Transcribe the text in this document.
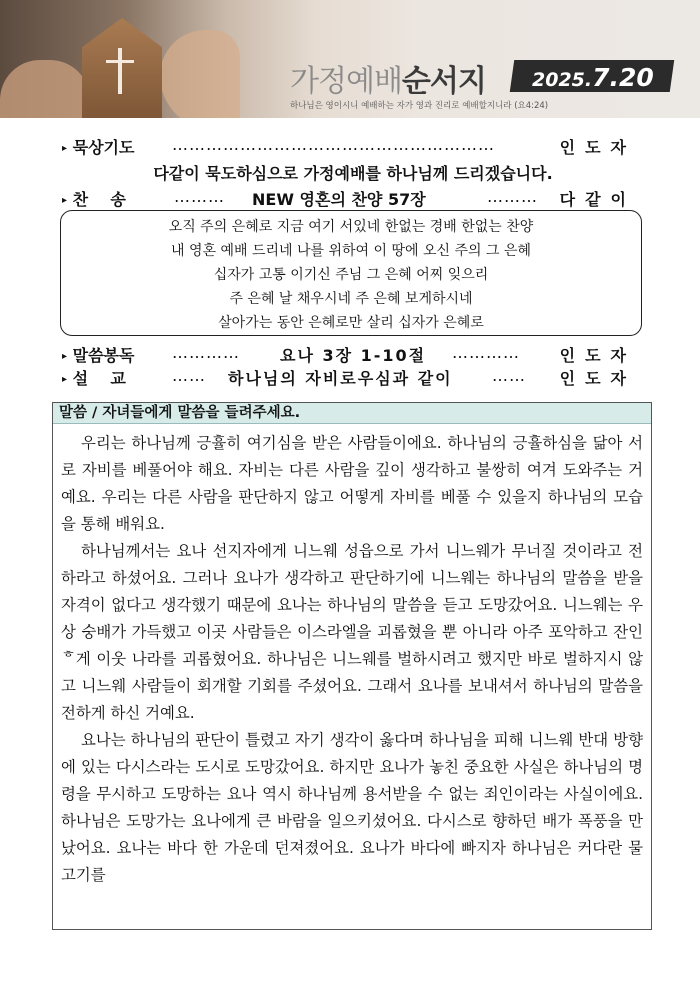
가정예배순서지 2025.7.20
하나님은 영이시니 예배하는 자가 영과 진리로 예배할지니라 (요4:24)
▸ 묵상기도 …………………………………………………	인도자
다같이 묵도하심으로 가정예배를 하나님께 드리겠습니다.
▸ 찬    송	………	NEW 영혼의 찬양 57장	………	다같이
오직 주의 은혜로 지금 여기 서있네 한없는 경배 한없는 찬양
내 영혼 예배 드리네 나를 위하여 이 땅에 오신 주의 그 은혜
십자가 고통 이기신 주님 그 은혜 어찌 잊으리
주 은혜 날 채우시네 주 은혜 보게하시네
살아가는 동안 은혜로만 살리 십자가 은혜로
▸ 말씀봉독 …………	요나 3장 1-10절 …………	인도자
▸ 설    교	……	하나님의 자비로우심과 같이 ……	인도자
말씀 / 자녀들에게 말씀을 들려주세요.

우리는 하나님께 긍휼히 여기심을 받은 사람들이에요. 하나님의 긍휼하심을 닮아 서로 자비를 베풀어야 해요. 자비는 다른 사람을 깊이 생각하고 불쌍히 여겨 도와주는 거예요. 우리는 다른 사람을 판단하지 않고 어떻게 자비를 베풀 수 있을지 하나님의 모습을 통해 배워요.

하나님께서는 요나 선지자에게 니느웨 성읍으로 가서 니느웨가 무너질 것이라고 전하라고 하셨어요. 그러나 요나가 생각하고 판단하기에 니느웨는 하나님의 말씀을 받을 자격이 없다고 생각했기 때문에 요나는 하나님의 말씀을 듣고 도망갔어요. 니느웨는 우상 숭배가 가득했고 이곳 사람들은 이스라엘을 괴롭혔을 뿐 아니라 아주 포악하고 잔인ᄒ게 이웃 나라를 괴롭혔어요. 하나님은 니느웨를 벌하시려고 했지만 바로 벌하지시 않고 니느웨 사람들이 회개할 기회를 주셨어요. 그래서 요나를 보내셔서 하나님의 말씀을 전하게 하신 거예요.

요나는 하나님의 판단이 틀렸고 자기 생각이 옳다며 하나님을 피해 니느웨 반대 방향에 있는 다시스라는 도시로 도망갔어요. 하지만 요나가 놓친 중요한 사실은 하나님의 명령을 무시하고 도망하는 요나 역시 하나님께 용서받을 수 없는 죄인이라는 사실이에요. 하나님은 도망가는 요나에게 큰 바람을 일으키셨어요. 다시스로 향하던 배가 폭풍을 만났어요. 요나는 바다 한 가운데 던져졌어요. 요나가 바다에 빠지자 하나님은 커다란 물고기를
